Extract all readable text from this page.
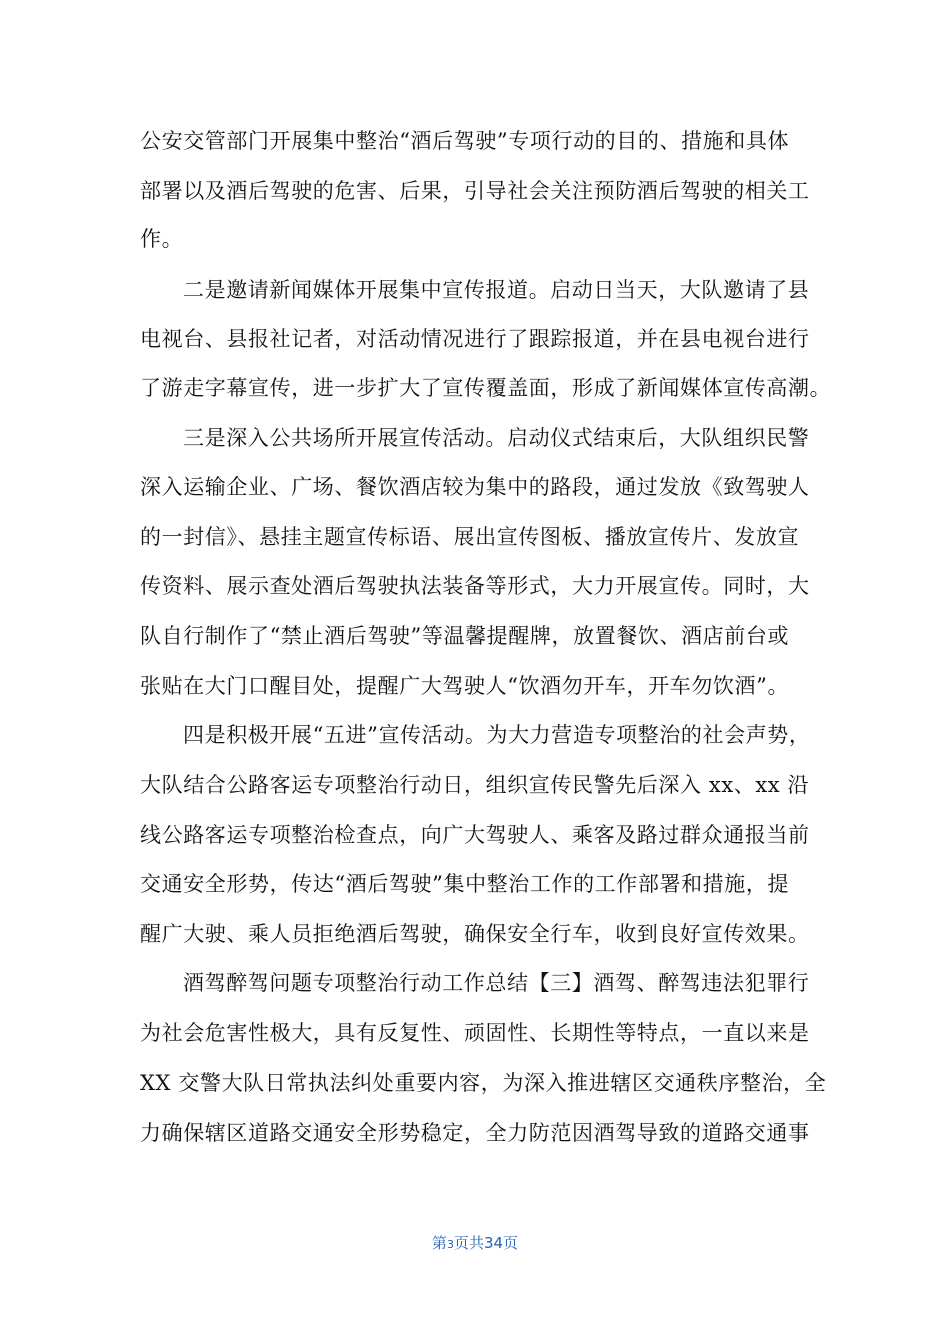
公安交管部门开展集中整治“酒后驾驶”专项行动的目的、措施和具体
部署以及酒后驾驶的危害、后果，引导社会关注预防酒后驾驶的相关工
作。
二是邀请新闻媒体开展集中宣传报道。启动日当天，大队邀请了县
电视台、县报社记者，对活动情况进行了跟踪报道，并在县电视台进行
了游走字幕宣传，进一步扩大了宣传覆盖面，形成了新闻媒体宣传高潮。
三是深入公共场所开展宣传活动。启动仪式结束后，大队组织民警
深入运输企业、广场、餐饮酒店较为集中的路段，通过发放《致驾驶人
的一封信》、悬挂主题宣传标语、展出宣传图板、播放宣传片、发放宣
传资料、展示查处酒后驾驶执法装备等形式，大力开展宣传。同时，大
队自行制作了“禁止酒后驾驶”等温馨提醒牌，放置餐饮、酒店前台或
张贴在大门口醒目处，提醒广大驾驶人“饮酒勿开车，开车勿饮酒”。
四是积极开展“五进”宣传活动。为大力营造专项整治的社会声势，
大队结合公路客运专项整治行动日，组织宣传民警先后深入 xx、xx 沿
线公路客运专项整治检查点，向广大驾驶人、乘客及路过群众通报当前
交通安全形势，传达“酒后驾驶”集中整治工作的工作部署和措施，提
醒广大驶、乘人员拒绝酒后驾驶，确保安全行车，收到良好宣传效果。
酒驾醉驾问题专项整治行动工作总结【三】酒驾、醉驾违法犯罪行
为社会危害性极大，具有反复性、顽固性、长期性等特点，一直以来是
XX 交警大队日常执法纠处重要内容，为深入推进辖区交通秩序整治，全
力确保辖区道路交通安全形势稳定，全力防范因酒驾导致的道路交通事
第3页共34页
